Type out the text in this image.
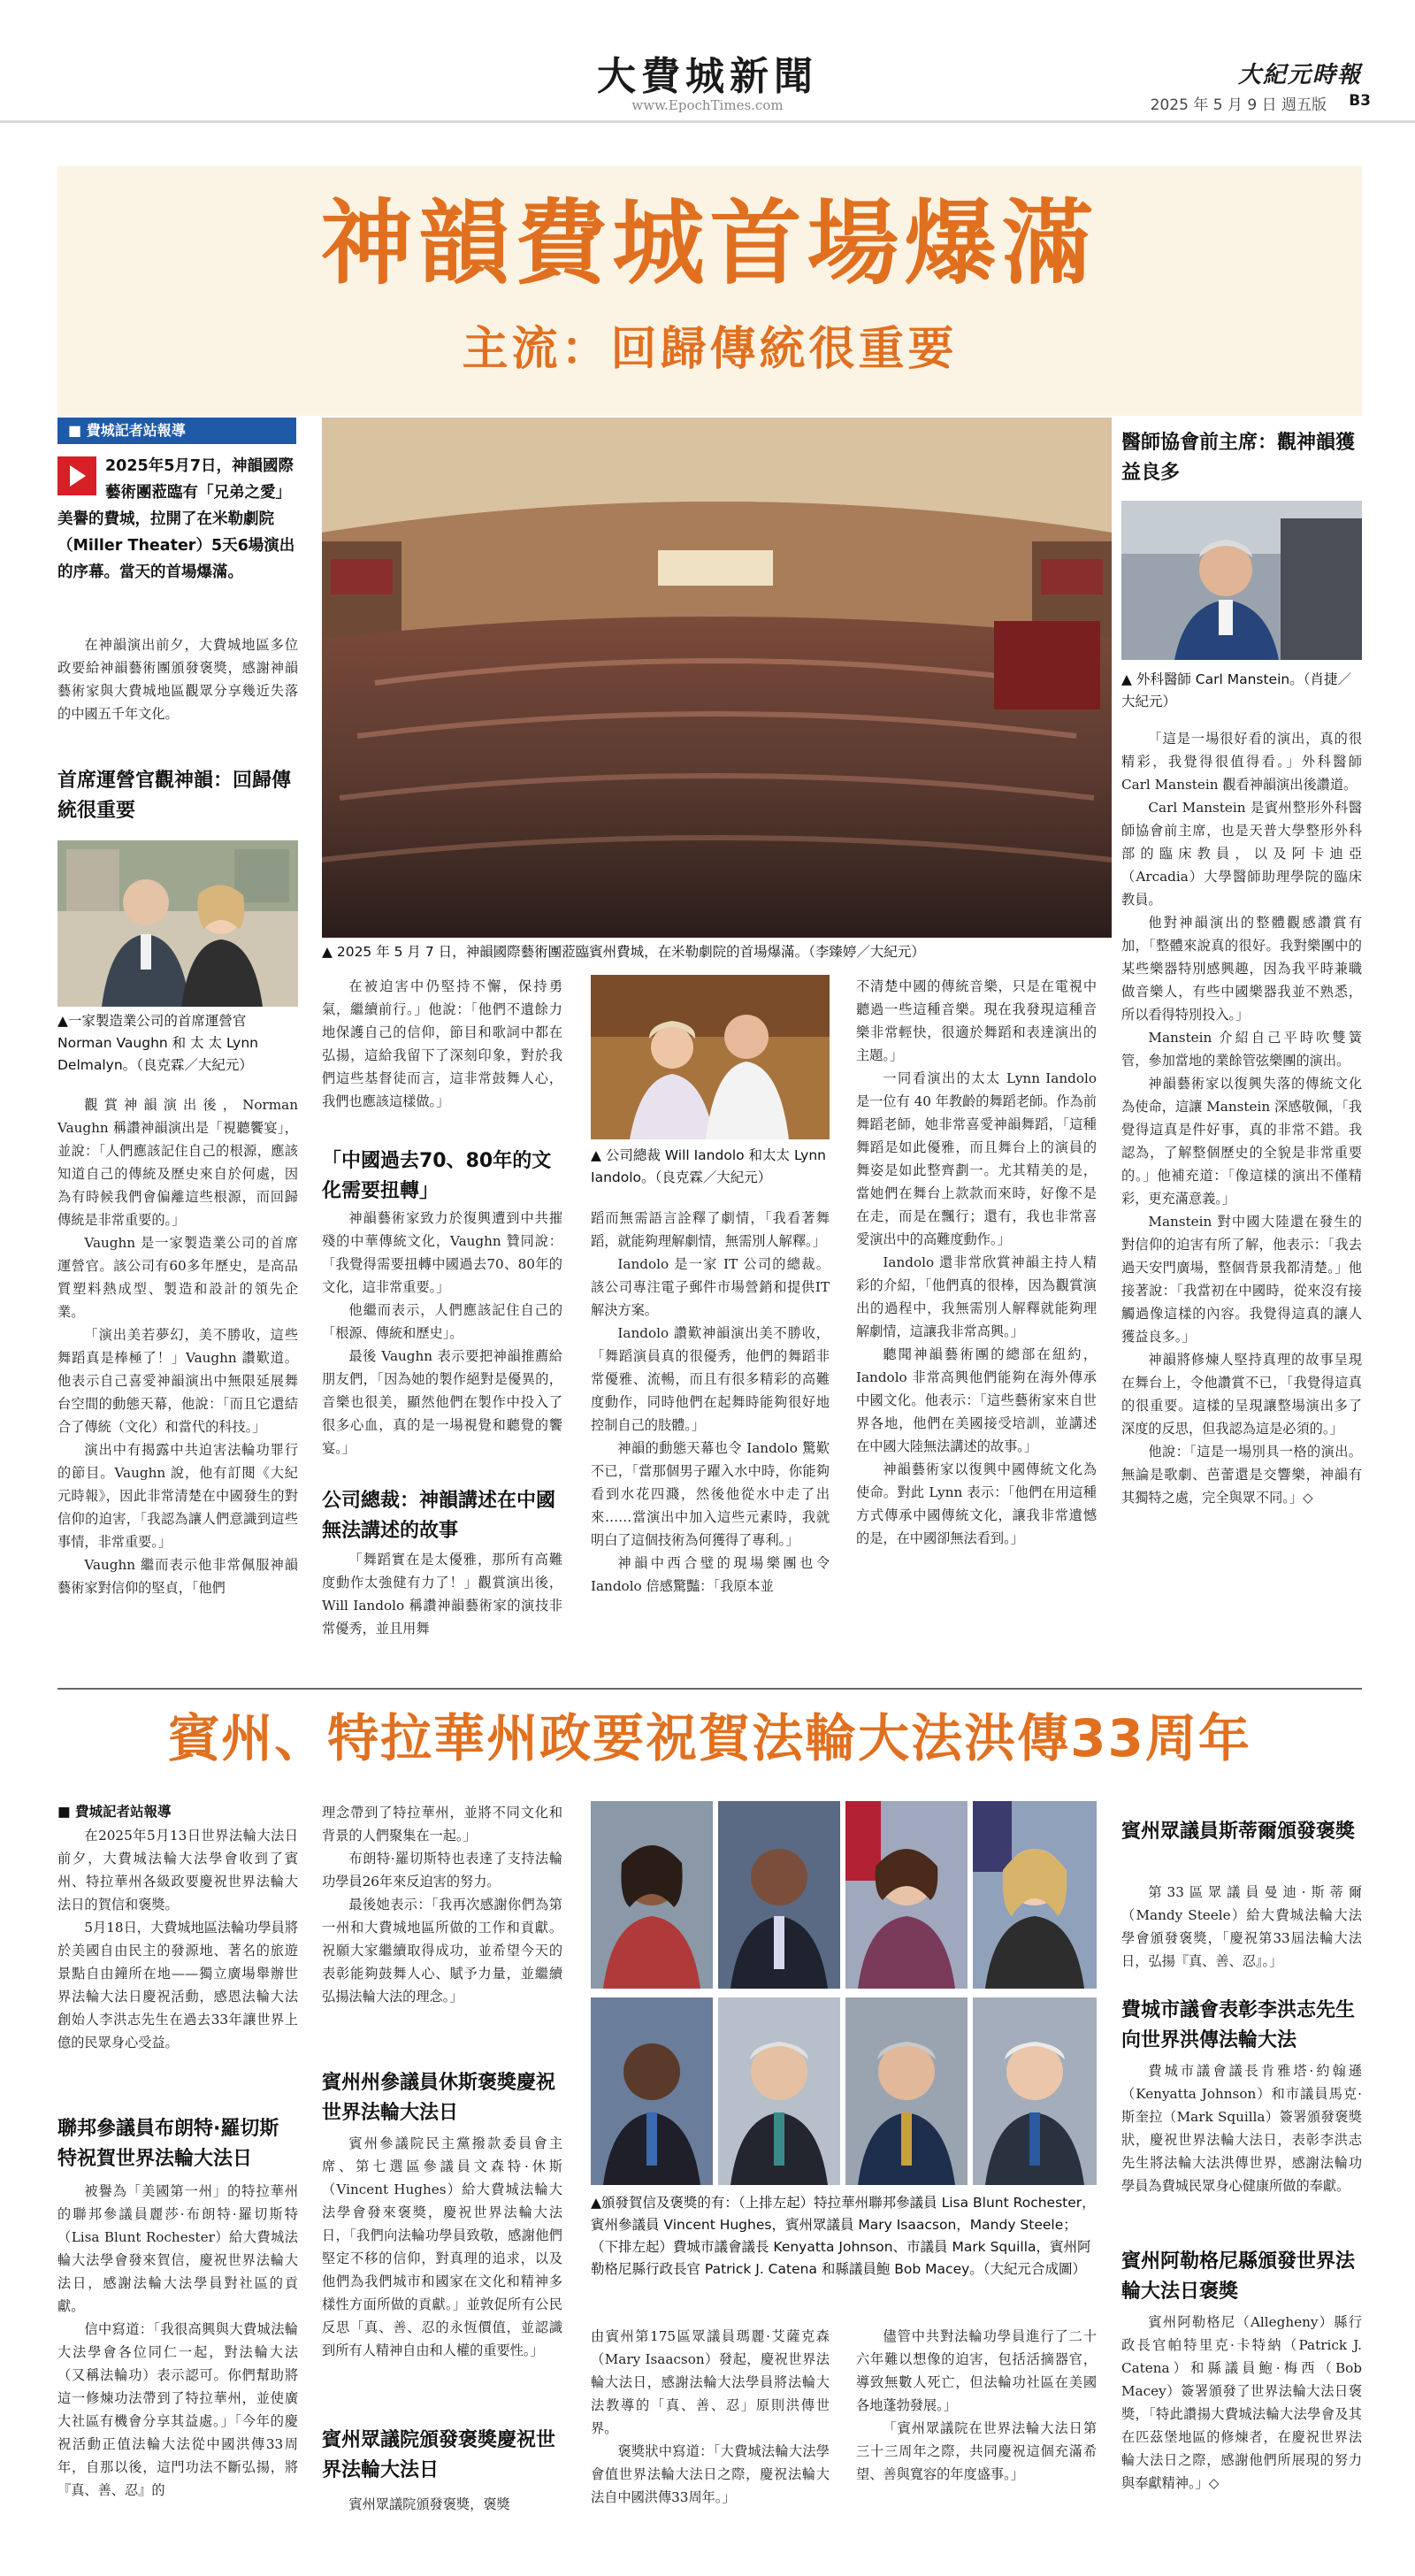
大費城新聞
www.EpochTimes.com
大紀元時報
2025 年 5 月 9 日 週五版	B3
神韻費城首場爆滿
主流：回歸傳統很重要
■ 費城記者站報導
2025年5月7日，神韻國際藝術團蒞臨有「兄弟之愛」美譽的費城，拉開了在米勒劇院（Miller Theater）5天6場演出的序幕。當天的首場爆滿。

在神韻演出前夕，大費城地區多位政要給神韻藝術團頒發褒獎，感謝神韻藝術家與大費城地區觀眾分享幾近失落的中國五千年文化。

首席運營官觀神韻：回歸傳統很重要
▲一家製造業公司的首席運營官 Norman Vaughn 和 太 太 Lynn Delmalyn。（良克霖／大紀元）

觀賞神韻演出後，Norman Vaughn 稱讚神韻演出是「視聽饗宴」，並說：「人們應該記住自己的根源，應該知道自己的傳統及歷史來自於何處，因為有時候我們會偏離這些根源，而回歸傳統是非常重要的。」

Vaughn 是一家製造業公司的首席運營官。該公司有60多年歷史，是高品質塑料熱成型、製造和設計的領先企業。

「演出美若夢幻，美不勝收，這些舞蹈真是棒極了！」Vaughn 讚歎道。他表示自己喜愛神韻演出中無限延展舞台空間的動態天幕，他說：「而且它還結合了傳統（文化）和當代的科技。」

演出中有揭露中共迫害法輪功罪行的節目。Vaughn 說，他有訂閱《大紀元時報》，因此非常清楚在中國發生的對信仰的迫害，「我認為讓人們意識到這些事情，非常重要。」

Vaughn 繼而表示他非常佩服神韻藝術家對信仰的堅貞，「他們

▲ 2025 年 5 月 7 日，神韻國際藝術團蒞臨賓州費城，在米勒劇院的首場爆滿。（李臻婷／大紀元）

在被迫害中仍堅持不懈，保持勇氣，繼續前行。」他說：「他們不遺餘力地保護自己的信仰，節目和歌詞中都在弘揚，這給我留下了深刻印象，對於我們這些基督徒而言，這非常鼓舞人心，我們也應該這樣做。」

「中國過去70、80年的文化需要扭轉」

神韻藝術家致力於復興遭到中共摧殘的中華傳統文化，Vaughn 贊同說：「我覺得需要扭轉中國過去70、80年的文化，這非常重要。」

他繼而表示，人們應該記住自己的「根源、傳統和歷史」。

最後 Vaughn 表示要把神韻推薦給朋友們，「因為她的製作絕對是優異的，音樂也很美，顯然他們在製作中投入了很多心血，真的是一場視覺和聽覺的饗宴。」

公司總裁：神韻講述在中國無法講述的故事

「舞蹈實在是太優雅，那所有高難度動作太強健有力了！」觀賞演出後，Will Iandolo 稱讚神韻藝術家的演技非常優秀，並且用舞

▲ 公司總裁 Will Iandolo 和太太 Lynn Iandolo。（良克霖／大紀元）

蹈而無需語言詮釋了劇情，「我看著舞蹈，就能夠理解劇情，無需別人解釋。」

Iandolo 是一家 IT 公司的總裁。該公司專注電子郵件市場營銷和提供IT解決方案。

Iandolo 讚歎神韻演出美不勝收，「舞蹈演員真的很優秀，他們的舞蹈非常優雅、流暢，而且有很多精彩的高難度動作，同時他們在起舞時能夠很好地控制自己的肢體。」

神韻的動態天幕也令 Iandolo 驚歎不已，「當那個男子躍入水中時，你能夠看到水花四濺，然後他從水中走了出來……當演出中加入這些元素時，我就明白了這個技術為何獲得了專利。」

神韻中西合璧的現場樂團也令 Iandolo 倍感驚豔：「我原本並

不清楚中國的傳統音樂，只是在電視中聽過一些這種音樂。現在我發現這種音樂非常輕快，很適於舞蹈和表達演出的主題。」

一同看演出的太太 Lynn Iandolo 是一位有 40 年教齡的舞蹈老師。作為前舞蹈老師，她非常喜愛神韻舞蹈，「這種舞蹈是如此優雅，而且舞台上的演員的舞姿是如此整齊劃一。尤其精美的是，當她們在舞台上款款而來時，好像不是在走，而是在飄行；還有，我也非常喜愛演出中的高難度動作。」

Iandolo 還非常欣賞神韻主持人精彩的介紹，「他們真的很棒，因為觀賞演出的過程中，我無需別人解釋就能夠理解劇情，這讓我非常高興。」

聽聞神韻藝術團的總部在紐約，Iandolo 非常高興他們能夠在海外傳承中國文化。他表示：「這些藝術家來自世界各地，他們在美國接受培訓，並講述在中國大陸無法講述的故事。」

神韻藝術家以復興中國傳統文化為使命。對此 Lynn 表示：「他們在用這種方式傳承中國傳統文化，讓我非常遺憾的是，在中國卻無法看到。」

醫師協會前主席：觀神韻獲益良多
▲ 外科醫師 Carl Manstein。（肖捷／大紀元）

「這是一場很好看的演出，真的很精彩，我覺得很值得看。」外科醫師 Carl Manstein 觀看神韻演出後讚道。

Carl Manstein 是賓州整形外科醫師協會前主席，也是天普大學整形外科部的臨床教員，以及阿卡迪亞（Arcadia）大學醫師助理學院的臨床教員。

他對神韻演出的整體觀感讚賞有加，「整體來說真的很好。我對樂團中的某些樂器特別感興趣，因為我平時兼職做音樂人，有些中國樂器我並不熟悉，所以看得特別投入。」

Manstein 介紹自己平時吹雙簧管，參加當地的業餘管弦樂團的演出。

神韻藝術家以復興失落的傳統文化為使命，這讓 Manstein 深感敬佩，「我覺得這真是件好事，真的非常不錯。我認為，了解整個歷史的全貌是非常重要的。」他補充道：「像這樣的演出不僅精彩，更充滿意義。」

Manstein 對中國大陸還在發生的對信仰的迫害有所了解，他表示：「我去過天安門廣場，整個背景我都清楚。」他接著說：「我當初在中國時，從來沒有接觸過像這樣的內容。我覺得這真的讓人獲益良多。」

神韻將修煉人堅持真理的故事呈現在舞台上，令他讚賞不已，「我覺得這真的很重要。這樣的呈現讓整場演出多了深度的反思，但我認為這是必須的。」

他說：「這是一場別具一格的演出。無論是歌劇、芭蕾還是交響樂，神韻有其獨特之處，完全與眾不同。」◇

賓州、特拉華州政要祝賀法輪大法洪傳33周年
■ 費城記者站報導

在2025年5月13日世界法輪大法日前夕，大費城法輪大法學會收到了賓州、特拉華州各級政要慶祝世界法輪大法日的賀信和褒獎。

5月18日，大費城地區法輪功學員將於美國自由民主的發源地、著名的旅遊景點自由鐘所在地——獨立廣場舉辦世界法輪大法日慶祝活動，感恩法輪大法創始人李洪志先生在過去33年讓世界上億的民眾身心受益。

聯邦參議員布朗特·羅切斯特祝賀世界法輪大法日

被譽為「美國第一州」的特拉華州的聯邦參議員麗莎·布朗特·羅切斯特（Lisa Blunt Rochester）給大費城法輪大法學會發來賀信，慶祝世界法輪大法日，感謝法輪大法學員對社區的貢獻。

信中寫道：「我很高興與大費城法輪大法學會各位同仁一起，對法輪大法（又稱法輪功）表示認可。你們幫助將這一修煉功法帶到了特拉華州，並使廣大社區有機會分享其益處。」「今年的慶祝活動正值法輪大法從中國洪傳33周年，自那以後，這門功法不斷弘揚，將『真、善、忍』的

理念帶到了特拉華州，並將不同文化和背景的人們聚集在一起。」

布朗特·羅切斯特也表達了支持法輪功學員26年來反迫害的努力。

最後她表示：「我再次感謝你們為第一州和大費城地區所做的工作和貢獻。祝願大家繼續取得成功，並希望今天的表彰能夠鼓舞人心、賦予力量，並繼續弘揚法輪大法的理念。」

賓州州參議員休斯褒獎慶祝世界法輪大法日

賓州參議院民主黨撥款委員會主席、第七選區參議員文森特·休斯（Vincent Hughes）給大費城法輪大法學會發來褒獎，慶祝世界法輪大法日，「我們向法輪功學員致敬，感謝他們堅定不移的信仰，對真理的追求，以及他們為我們城市和國家在文化和精神多樣性方面所做的貢獻。」並敦促所有公民反思「真、善、忍的永恆價值，並認識到所有人精神自由和人權的重要性。」

賓州眾議院頒發褒獎慶祝世界法輪大法日

賓州眾議院頒發褒獎，褒獎

▲頒發賀信及褒獎的有：（上排左起）特拉華州聯邦參議員 Lisa Blunt Rochester，賓州參議員 Vincent Hughes，賓州眾議員 Mary Isaacson，Mandy Steele；（下排左起）費城市議會議長 Kenyatta Johnson、市議員 Mark Squilla，賓州阿勒格尼縣行政長官 Patrick J. Catena 和縣議員鮑 Bob Macey。（大紀元合成圖）

由賓州第175區眾議員瑪麗·艾薩克森（Mary Isaacson）發起，慶祝世界法輪大法日，感謝法輪大法學員將法輪大法教導的「真、善、忍」原則洪傳世界。

褒獎狀中寫道：「大費城法輪大法學會值世界法輪大法日之際，慶祝法輪大法自中國洪傳33周年。」

儘管中共對法輪功學員進行了二十六年難以想像的迫害，包括活摘器官，導致無數人死亡，但法輪功社區在美國各地蓬勃發展。」

「賓州眾議院在世界法輪大法日第三十三周年之際，共同慶祝這個充滿希望、善與寬容的年度盛事。」

賓州眾議員斯蒂爾頒發褒獎

第33區眾議員曼迪·斯蒂爾（Mandy Steele）給大費城法輪大法學會頒發褒獎，「慶祝第33屆法輪大法日，弘揚『真、善、忍』。」

費城市議會表彰李洪志先生向世界洪傳法輪大法

費城市議會議長肯雅塔·約翰遜（Kenyatta Johnson）和市議員馬克·斯奎拉（Mark Squilla）簽署頒發褒獎狀，慶祝世界法輪大法日，表彰李洪志先生將法輪大法洪傳世界，感謝法輪功學員為費城民眾身心健康所做的奉獻。

賓州阿勒格尼縣頒發世界法輪大法日褒獎

賓州阿勒格尼（Allegheny）縣行政長官帕特里克·卡特納（Patrick J. Catena）和縣議員鮑·梅西（Bob Macey）簽署頒發了世界法輪大法日褒獎，「特此讚揚大費城法輪大法學會及其在匹茲堡地區的修煉者，在慶祝世界法輪大法日之際，感謝他們所展現的努力與奉獻精神。」◇
